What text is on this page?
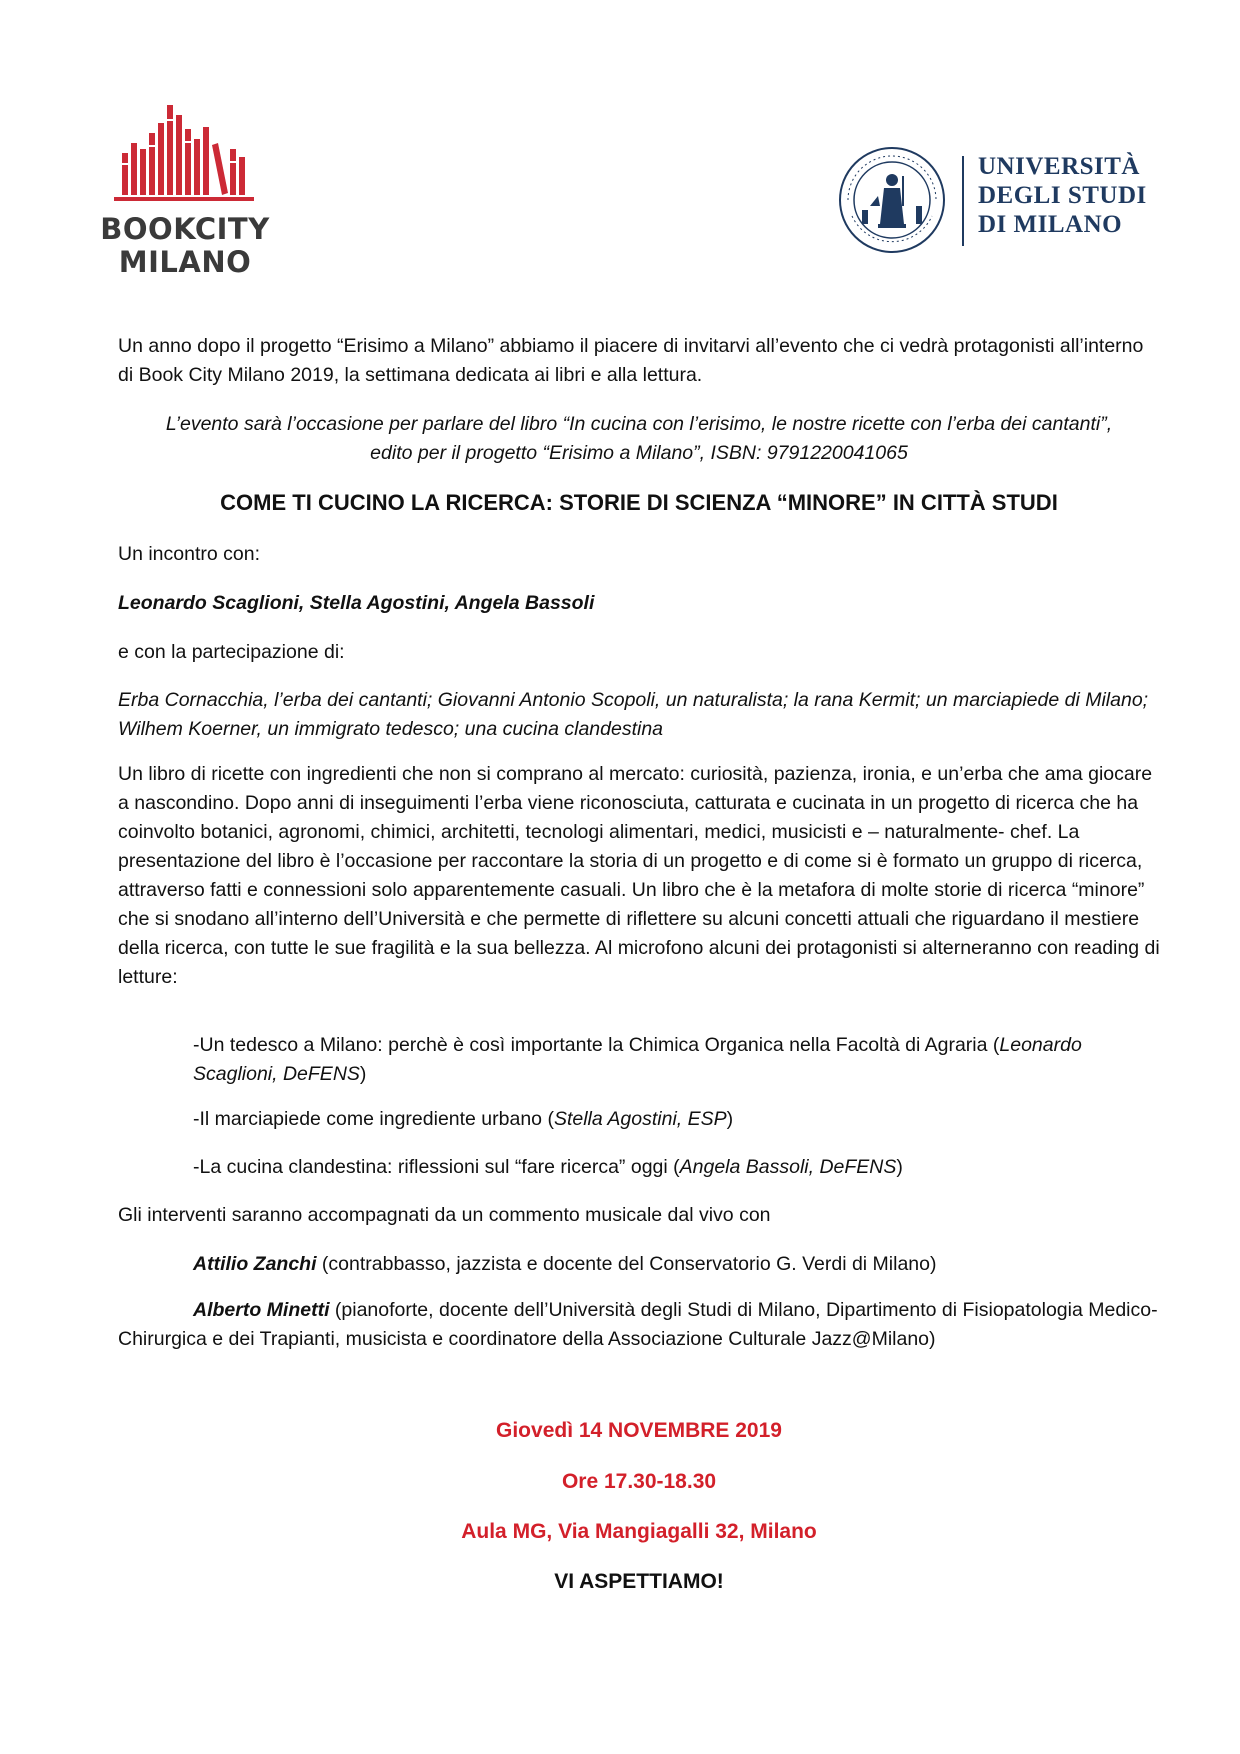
BOOKCITY
MILANO
UNIVERSITÀ
DEGLI STUDI
DI MILANO
Un anno dopo il progetto “Erisimo a Milano” abbiamo il piacere di invitarvi all’evento che ci vedrà protagonisti all’interno di Book City Milano 2019, la settimana dedicata ai libri e alla lettura.
L’evento sarà l’occasione per parlare del libro “In cucina con l’erisimo, le nostre ricette con l’erba dei cantanti”,
edito per il progetto “Erisimo a Milano”, ISBN: 9791220041065
COME TI CUCINO LA RICERCA: STORIE DI SCIENZA “MINORE” IN CITTÀ STUDI
Un incontro con:
Leonardo Scaglioni, Stella Agostini, Angela Bassoli
e con la partecipazione di:
Erba Cornacchia, l’erba dei cantanti; Giovanni Antonio Scopoli, un naturalista; la rana Kermit; un marciapiede di Milano; Wilhem Koerner, un immigrato tedesco; una cucina clandestina
Un libro di ricette con ingredienti che non si comprano al mercato: curiosità, pazienza, ironia, e un’erba che ama giocare a nascondino. Dopo anni di inseguimenti l’erba viene riconosciuta, catturata e cucinata in un progetto di ricerca che ha coinvolto botanici, agronomi, chimici, architetti, tecnologi alimentari, medici, musicisti e – naturalmente- chef. La presentazione del libro è l’occasione per raccontare la storia di un progetto e di come si è formato un gruppo di ricerca, attraverso fatti e connessioni solo apparentemente casuali. Un libro che è la metafora di molte storie di ricerca “minore” che si snodano all’interno dell’Università e che permette di riflettere su alcuni concetti attuali che riguardano il mestiere della ricerca, con tutte le sue fragilità e la sua bellezza. Al microfono alcuni dei protagonisti si alterneranno con reading di letture:
-Un tedesco a Milano: perchè è così importante la Chimica Organica nella Facoltà di Agraria (Leonardo Scaglioni, DeFENS)
-Il marciapiede come ingrediente urbano (Stella Agostini, ESP)
-La cucina clandestina: riflessioni sul “fare ricerca” oggi (Angela Bassoli, DeFENS)
Gli interventi saranno accompagnati da un commento musicale dal vivo con
Attilio Zanchi (contrabbasso, jazzista e docente del Conservatorio G. Verdi di Milano)
Alberto Minetti (pianoforte, docente dell’Università degli Studi di Milano, Dipartimento di Fisiopatologia Medico-Chirurgica e dei Trapianti, musicista e coordinatore della Associazione Culturale Jazz@Milano)
Giovedì 14 NOVEMBRE 2019
Ore 17.30-18.30
Aula MG, Via Mangiagalli 32, Milano
VI ASPETTIAMO!
